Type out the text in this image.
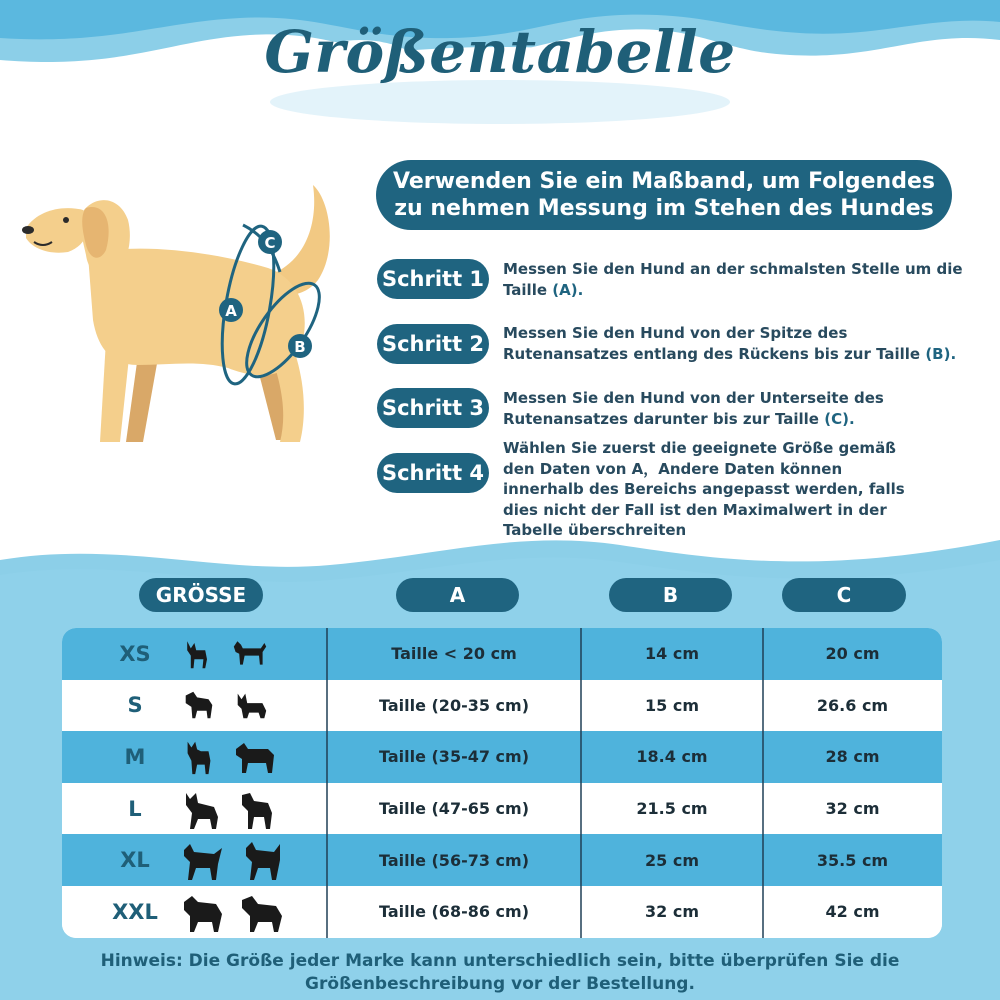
Größentabelle
Verwenden Sie ein Maßband, um Folgendes
zu nehmen Messung im Stehen des Hundes
A
B
C
Schritt 1	Messen Sie den Hund an der schmalsten Stelle um die Taille (A).
Schritt 2	Messen Sie den Hund von der Spitze des Rutenansatzes entlang des Rückens bis zur Taille (B).
Schritt 3	Messen Sie den Hund von der Unterseite des Rutenansatzes darunter bis zur Taille (C).
Schritt 4
Wählen Sie zuerst die geeignete Größe gemäß den Daten von A，Andere Daten können innerhalb des Bereichs angepasst werden, falls dies nicht der Fall ist den Maximalwert in der Tabelle überschreiten
GRÖSSE	A	B	C
XS	Taille < 20 cm	14 cm	20 cm
S	Taille (20-35 cm)	15 cm	26.6 cm
M	Taille (35-47 cm)	18.4 cm	28 cm
L	Taille (47-65 cm)	21.5 cm	32 cm
XL	Taille (56-73 cm)	25 cm	35.5 cm
XXL	Taille (68-86 cm)	32 cm	42 cm
Hinweis: Die Größe jeder Marke kann unterschiedlich sein, bitte überprüfen Sie die
Größenbeschreibung vor der Bestellung.
